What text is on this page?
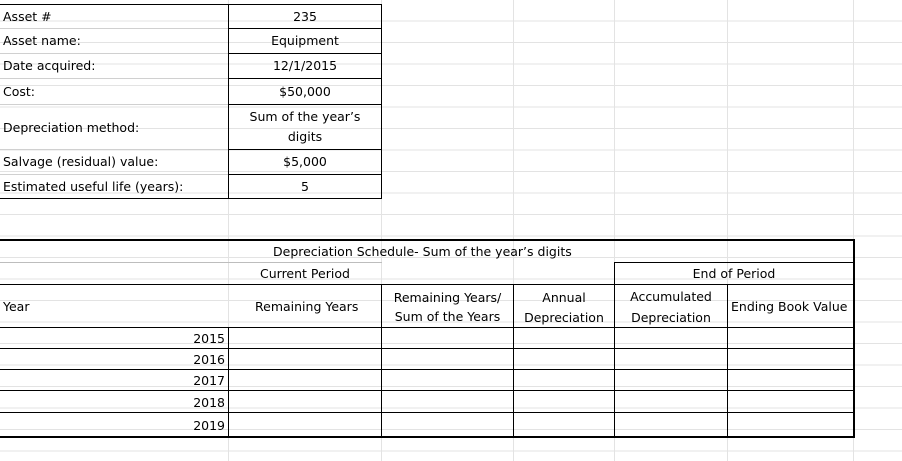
Asset #
Asset name:
Date acquired:
Cost:
Depreciation method:
Salvage (residual) value:
Estimated useful life (years):
235
Equipment
12/1/2015
$50,000
Sum of the year’s
digits
$5,000
5
Depreciation Schedule- Sum of the year’s digits
Current Period	End of Period
Year	Remaining Years
Remaining Years/
Sum of the Years
Annual
Depreciation
Accumulated
Depreciation
Ending Book Value
2015
2016
2017
2018
2019
